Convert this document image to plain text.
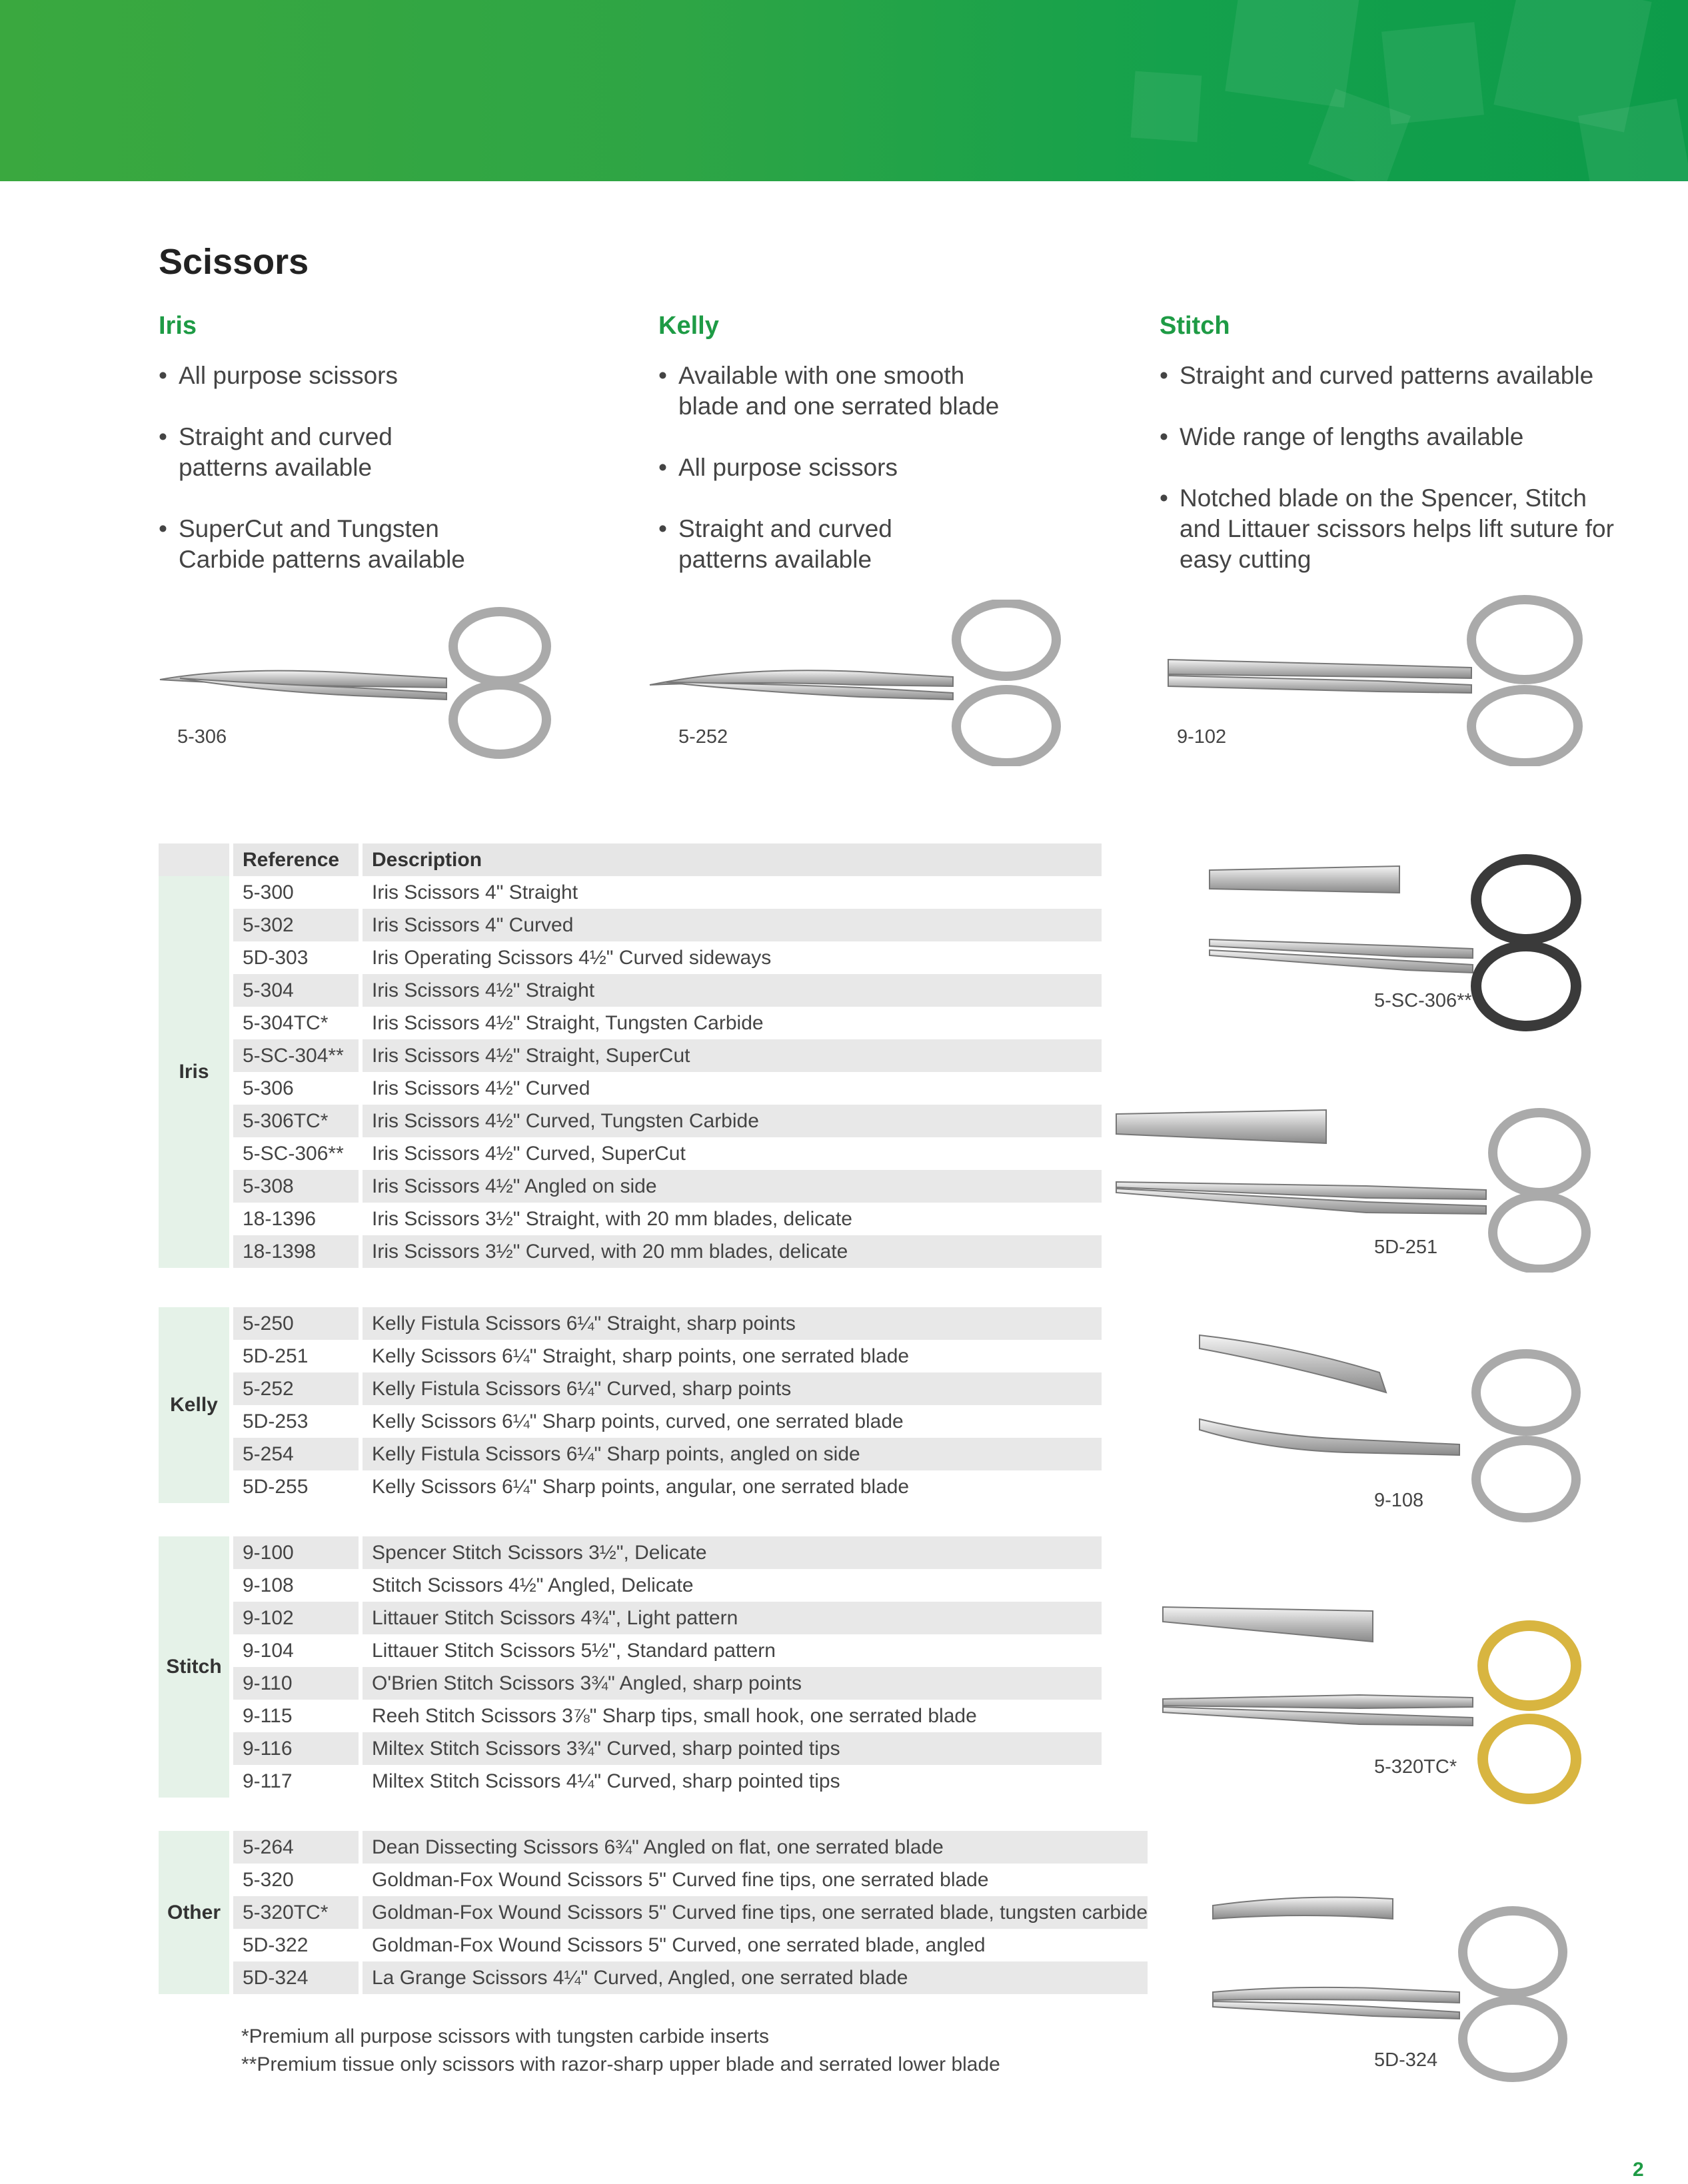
Scissors
Iris
• All purpose scissors
• Straight and curved patterns available
• SuperCut and Tungsten Carbide patterns available
Kelly
• Available with one smooth blade and one serrated blade
• All purpose scissors
• Straight and curved patterns available
Stitch
• Straight and curved patterns available
• Wide range of lengths available
• Notched blade on the Spencer, Stitch and Littauer scissors helps lift suture for easy cutting
5-306	5-252	9-102
5-SC-306**
5D-251
9-108
5-320TC*
5D-324
	Reference	Description
Iris	5-300	Iris Scissors 4" Straight
	5-302	Iris Scissors 4" Curved
	5D-303	Iris Operating Scissors 4½" Curved sideways
	5-304	Iris Scissors 4½" Straight
	5-304TC*	Iris Scissors 4½" Straight, Tungsten Carbide
	5-SC-304**	Iris Scissors 4½" Straight, SuperCut
	5-306	Iris Scissors 4½" Curved
	5-306TC*	Iris Scissors 4½" Curved, Tungsten Carbide
	5-SC-306**	Iris Scissors 4½" Curved, SuperCut
	5-308	Iris Scissors 4½" Angled on side
	18-1396	Iris Scissors 3½" Straight, with 20 mm blades, delicate
	18-1398	Iris Scissors 3½" Curved, with 20 mm blades, delicate
Kelly	5-250	Kelly Fistula Scissors 6¼" Straight, sharp points
	5D-251	Kelly Scissors 6¼" Straight, sharp points, one serrated blade
	5-252	Kelly Fistula Scissors 6¼" Curved, sharp points
	5D-253	Kelly Scissors 6¼" Sharp points, curved, one serrated blade
	5-254	Kelly Fistula Scissors 6¼" Sharp points, angled on side
	5D-255	Kelly Scissors 6¼" Sharp points, angular, one serrated blade
Stitch	9-100	Spencer Stitch Scissors 3½", Delicate
	9-108	Stitch Scissors 4½" Angled, Delicate
	9-102	Littauer Stitch Scissors 4¾", Light pattern
	9-104	Littauer Stitch Scissors 5½", Standard pattern
	9-110	O'Brien Stitch Scissors 3¾" Angled, sharp points
	9-115	Reeh Stitch Scissors 3⅞" Sharp tips, small hook, one serrated blade
	9-116	Miltex Stitch Scissors 3¾" Curved, sharp pointed tips
	9-117	Miltex Stitch Scissors 4¼" Curved, sharp pointed tips
Other	5-264	Dean Dissecting Scissors 6¾" Angled on flat, one serrated blade
	5-320	Goldman-Fox Wound Scissors 5" Curved fine tips, one serrated blade
	5-320TC*	Goldman-Fox Wound Scissors 5" Curved fine tips, one serrated blade, tungsten carbide
	5D-322	Goldman-Fox Wound Scissors 5" Curved, one serrated blade, angled
	5D-324	La Grange Scissors 4¼" Curved, Angled, one serrated blade
*Premium all purpose scissors with tungsten carbide inserts
**Premium tissue only scissors with razor-sharp upper blade and serrated lower blade
2
